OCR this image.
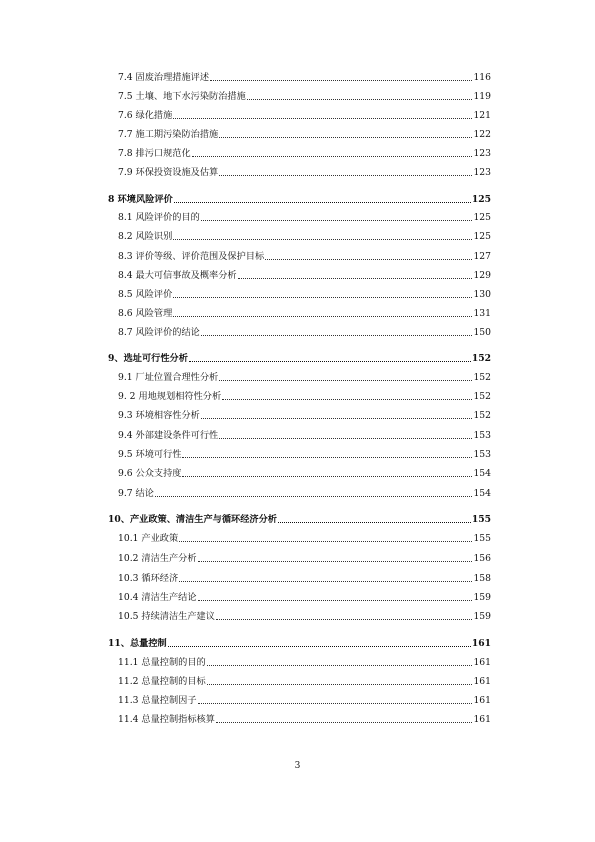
7.4 固废治理措施评述	116
7.5 土壤、地下水污染防治措施	119
7.6 绿化措施	121
7.7 施工期污染防治措施	122
7.8 排污口规范化	123
7.9 环保投资设施及估算	123
8 环境风险评价	125
8.1 风险评价的目的	125
8.2 风险识别	125
8.3 评价等级、评价范围及保护目标	127
8.4 最大可信事故及概率分析	129
8.5 风险评价	130
8.6 风险管理	131
8.7 风险评价的结论	150
9、选址可行性分析	152
9.1 厂址位置合理性分析	152
9. 2 用地规划相符性分析	152
9.3 环境相容性分析	152
9.4 外部建设条件可行性	153
9.5 环境可行性	153
9.6 公众支持度	154
9.7 结论	154
10、产业政策、清洁生产与循环经济分析	155
10.1 产业政策	155
10.2 清洁生产分析	156
10.3 循环经济	158
10.4 清洁生产结论	159
10.5 持续清洁生产建议	159
11、总量控制	161
11.1 总量控制的目的	161
11.2 总量控制的目标	161
11.3 总量控制因子	161
11.4 总量控制指标核算	161
3
